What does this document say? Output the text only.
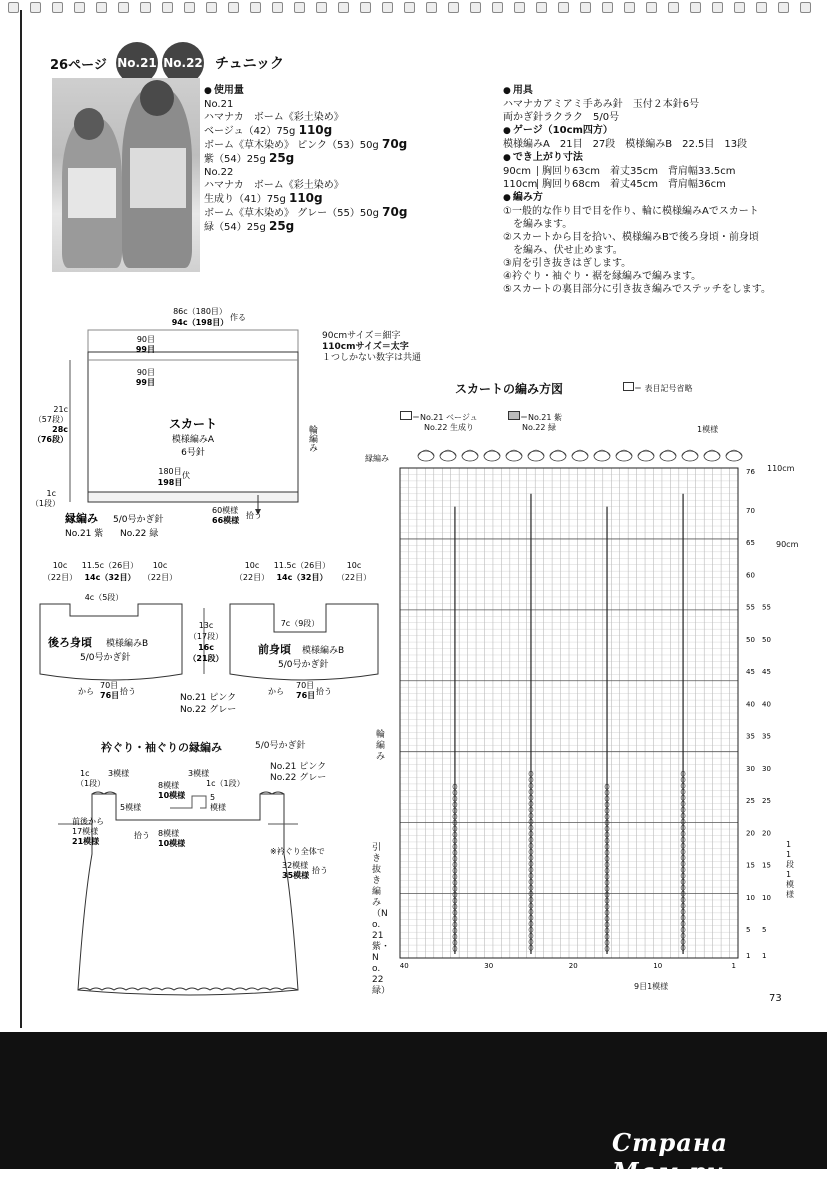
26ページ No.21 No.22 チュニック
● 使用量
No.21
ハマナカ　ボーム《彩土染め》
ベージュ（42）75g 110g
ボーム《草木染め》 ピンク（53）50g 70g
紫（54）25g 25g
No.22
ハマナカ　ボーム《彩土染め》
生成り（41）75g 110g
ボーム《草木染め》 グレー（55）50g 70g
緑（54）25g 25g
● 用具
ハマナカアミアミ手あみ針　玉付２本針6号
両かぎ針ラクラク　5/0号
● ゲージ（10cm四方）
模様編みA　21目　27段　模様編みB　22.5目　13段
● でき上がり寸法
90cm 胸回り63cm　 着丈35cm　 背肩幅33.5cm
110cm 胸回り68cm　 着丈45cm　 背肩幅36cm
● 編み方
①一般的な作り目で目を作り、輪に模様編みAでスカート
　を編みます。
②スカートから目を拾い、模様編みBで後ろ身頃・前身頃
　を編み、伏せ止めます。
③肩を引き抜きはぎします。
④衿ぐり・袖ぐり・裾を縁編みで編みます。
⑤スカートの裏目部分に引き抜き編みでステッチをします。
86c（180目）
94c（198目）
作る
90目
99目
90目
99目
21c
（57段）
28c
（76段）
1c
（1段）
スカート
模様編みA
6号針
180目
198目
伏
60模様
66模様
拾う
輪編み
縁編み 5/0号かぎ針
No.21 紫 No.22 緑
90cmサイズ＝細字
110cmサイズ＝太字
１つしかない数字は共通
10c
（22目）
11.5c（26目）
14c（32目）
10c
（22目）
4c（5段）
後ろ身頃 模様編みB
5/0号かぎ針
から
70目
76目 拾う
13c
（17段）
16c
（21段）
10c
（22目）
11.5c（26目）
14c（32目）
10c
（22目）
7c（9段）
前身頃 模様編みB
5/0号かぎ針
から
70目
76目 拾う
No.21 ピンク
No.22 グレー
衿ぐり・袖ぐりの縁編み	5/0号かぎ針
1c
（1段）
3模様	3模様
8模様
10模様
5模様
5
模様
1c（1段）
前後から
17模様
21模様
拾う 8模様
10模様
※衿ぐり全体で
32模様
35模様
拾う
No.21 ピンク
No.22 グレー
スカートの編み方図	＝ 表目記号省略
＝No.21 ベージュ
No.22 生成り
＝No.21 紫
No.22 緑	1模様
縁編み
76
70
65
60
55
50
45
40
35
30
25
20
15
10
5
1
55
50
45
40
35
30
25
20
15
10
5
1
40	30	20	10	1
110cm
90cm
輪編み
引き抜き編み（No.21紫・No.22緑）
11段1模様
9目1模様
73
Страна Мам.ру
